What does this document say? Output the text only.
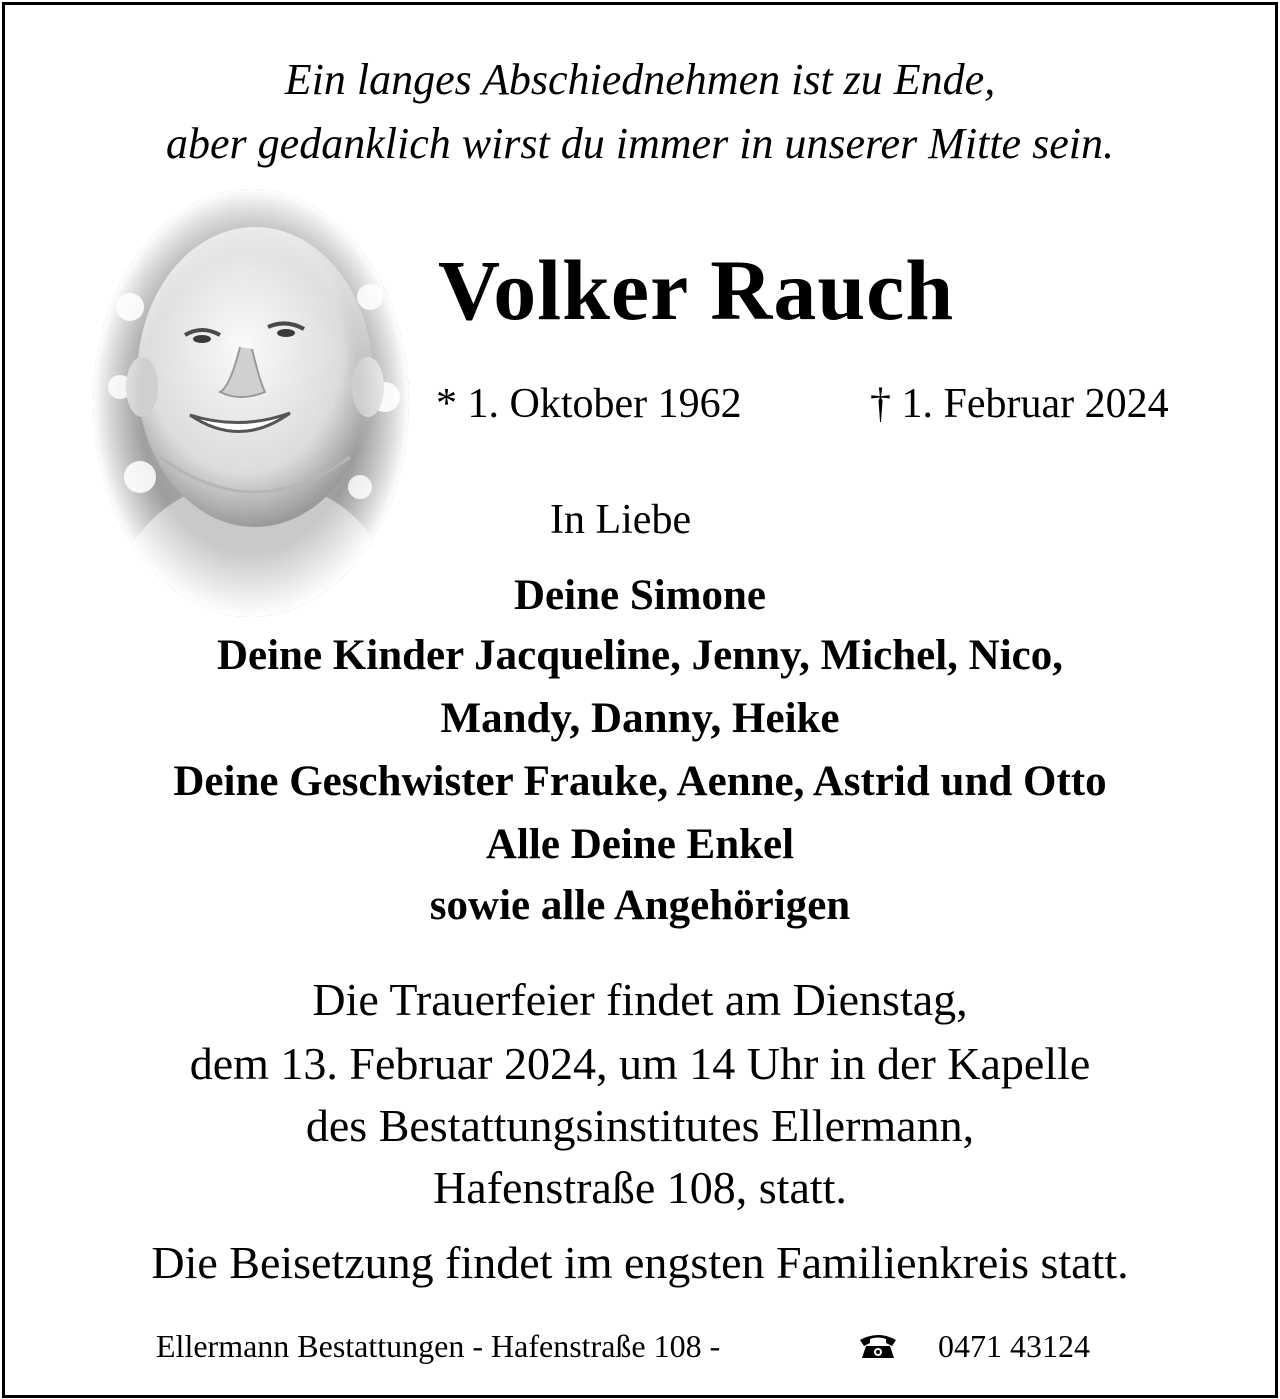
Ein langes Abschiednehmen ist zu Ende,
aber gedanklich wirst du immer in unserer Mitte sein.
Volker Rauch
* 1. Oktober 1962	† 1. Februar 2024
In Liebe
Deine Simone
Deine Kinder Jacqueline, Jenny, Michel, Nico,
Mandy, Danny, Heike
Deine Geschwister Frauke, Aenne, Astrid und Otto
Alle Deine Enkel
sowie alle Angehörigen
Die Trauerfeier findet am Dienstag,
dem 13. Februar 2024, um 14 Uhr in der Kapelle
des Bestattungsinstitutes Ellermann,
Hafenstraße 108, statt.
Die Beisetzung findet im engsten Familienkreis statt.
Ellermann Bestattungen - Hafenstraße 108 -	0471 43124
